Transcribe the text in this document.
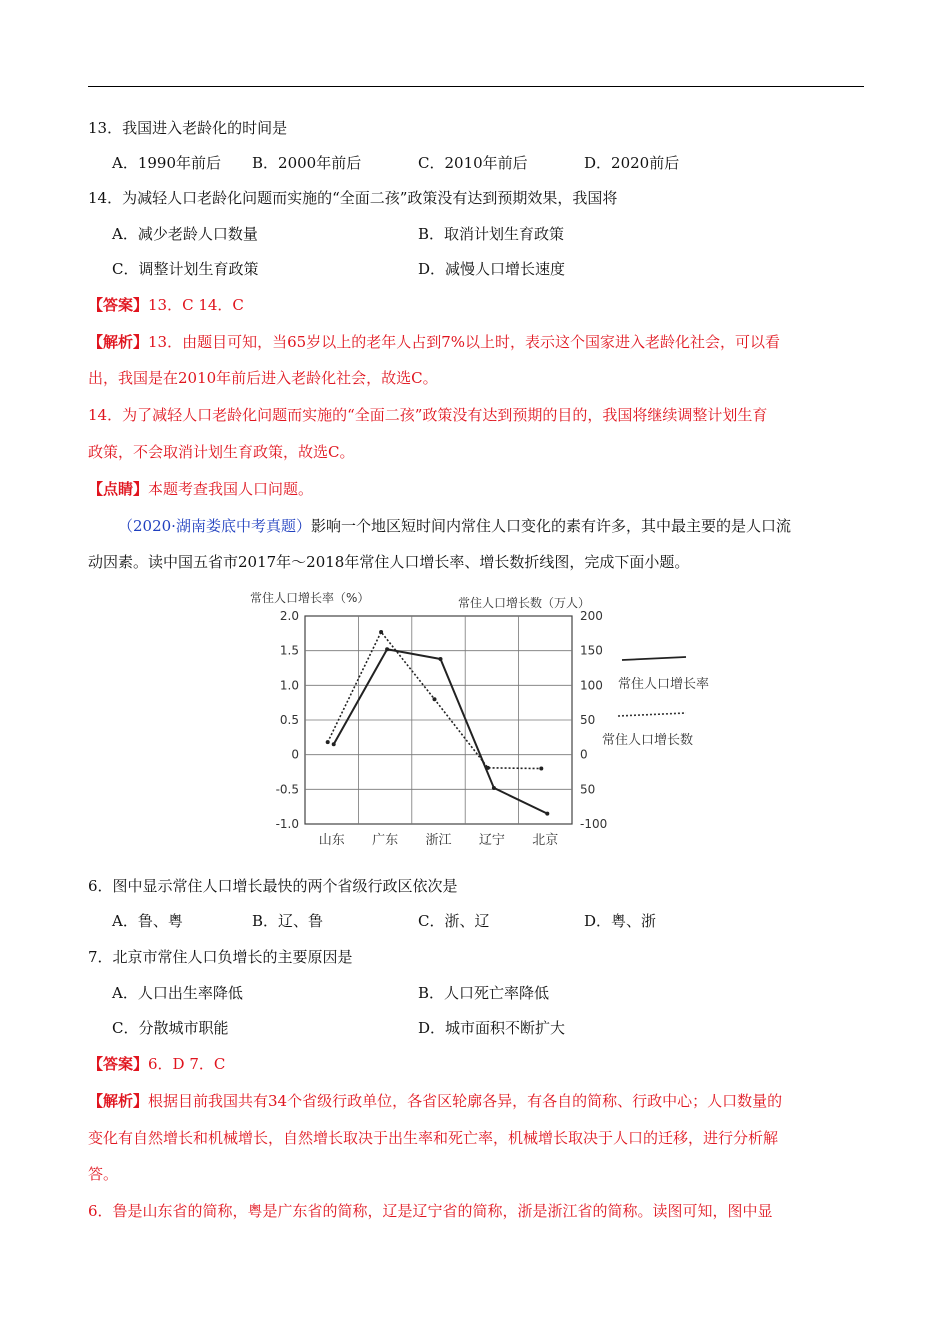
13．我国进入老龄化的时间是
A．1990年前后 B．2000年前后	C．2010年前后	D．2020前后
14．为减轻人口老龄化问题而实施的“全面二孩”政策没有达到预期效果，我国将
A．减少老龄人口数量	B．取消计划生育政策
C．调整计划生育政策	D．减慢人口增长速度
【答案】13．C 14．C
【解析】13．由题目可知，当65岁以上的老年人占到7%以上时，表示这个国家进入老龄化社会，可以看
出，我国是在2010年前后进入老龄化社会，故选C。
14．为了减轻人口老龄化问题而实施的“全面二孩”政策没有达到预期的目的，我国将继续调整计划生育
政策，不会取消计划生育政策，故选C。
【点睛】本题考查我国人口问题。
（2020·湖南娄底中考真题）影响一个地区短时间内常住人口变化的素有许多，其中最主要的是人口流
动因素。读中国五省市2017年～2018年常住人口增长率、增长数折线图，完成下面小题。
常住人口增长率（%）	常住人口增长数（万人）
2.0
1.5
1.0
0.5
0
-0.5
-1.0
200
150
100
50
0
50
-100
山东 广东 浙江 辽宁 北京
常住人口增长率
常住人口增长数
6．图中显示常住人口增长最快的两个省级行政区依次是
A．鲁、粤	B．辽、鲁	C．浙、辽	D．粤、浙
7．北京市常住人口负增长的主要原因是
A．人口出生率降低	B．人口死亡率降低
C．分散城市职能	D．城市面积不断扩大
【答案】6．D 7．C
【解析】根据目前我国共有34个省级行政单位，各省区轮廓各异，有各自的简称、行政中心；人口数量的
变化有自然增长和机械增长，自然增长取决于出生率和死亡率，机械增长取决于人口的迁移，进行分析解
答。
6．鲁是山东省的简称，粤是广东省的简称，辽是辽宁省的简称，浙是浙江省的简称。读图可知，图中显
